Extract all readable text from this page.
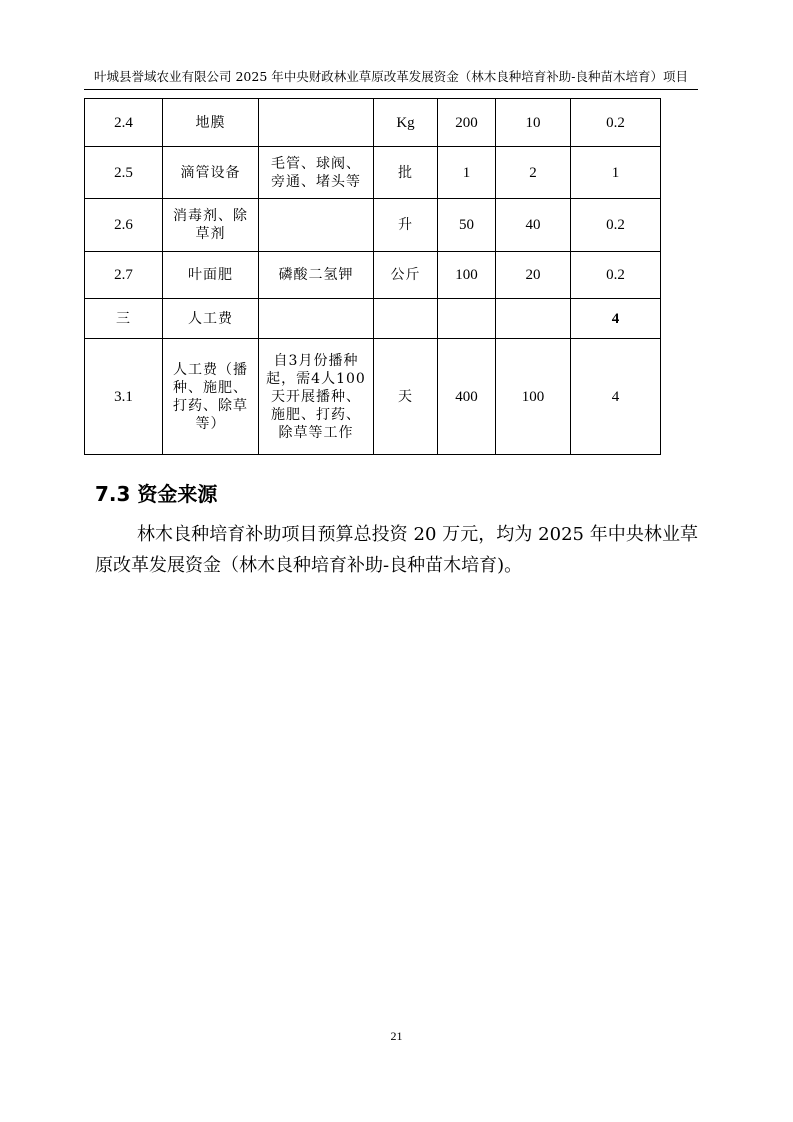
叶城县誉域农业有限公司 2025 年中央财政林业草原改革发展资金（林木良种培育补助-良种苗木培育）项目
2.4	地膜		Kg	200	10	0.2
2.5	滴管设备	毛管、球阀、旁通、堵头等	批	1	2	1
2.6	消毒剂、除草剂		升	50	40	0.2
2.7	叶面肥	磷酸二氢钾	公斤	100	20	0.2
三	人工费					4
3.1	人工费（播种、施肥、打药、除草等）	自3月份播种起，需4人100天开展播种、施肥、打药、除草等工作	天	400	100	4
7.3 资金来源
林木良种培育补助项目预算总投资 20 万元，均为 2025 年中央林业草原改革发展资金（林木良种培育补助-良种苗木培育)。
21
